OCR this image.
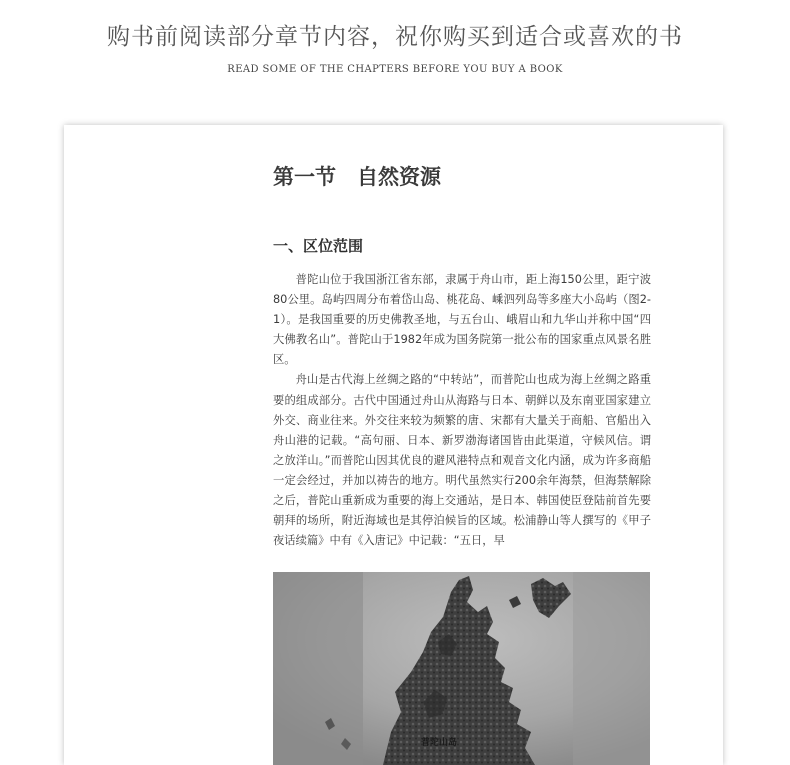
购书前阅读部分章节内容，祝你购买到适合或喜欢的书
READ SOME OF THE CHAPTERS BEFORE YOU BUY A BOOK
第一节　自然资源
一、区位范围

普陀山位于我国浙江省东部，隶属于舟山市，距上海150公里，距宁波80公里。岛屿四周分布着岱山岛、桃花岛、嵊泗列岛等多座大小岛屿（图2-1）。是我国重要的历史佛教圣地，与五台山、峨眉山和九华山并称中国“四大佛教名山”。普陀山于1982年成为国务院第一批公布的国家重点风景名胜区。

舟山是古代海上丝绸之路的“中转站”，而普陀山也成为海上丝绸之路重要的组成部分。古代中国通过舟山从海路与日本、朝鲜以及东南亚国家建立外交、商业往来。外交往来较为频繁的唐、宋都有大量关于商船、官船出入舟山港的记载。“高句丽、日本、新罗渤海诸国皆由此渠道，守候风信。谓之放洋山。”而普陀山因其优良的避风港特点和观音文化内涵，成为许多商船一定会经过，并加以祷告的地方。明代虽然实行200余年海禁，但海禁解除之后，普陀山重新成为重要的海上交通站，是日本、韩国使臣登陆前首先要朝拜的场所，附近海域也是其停泊候旨的区域。松浦静山等人撰写的《甲子夜话续篇》中有《入唐记》中记载：“五日，早

普陀山岛
